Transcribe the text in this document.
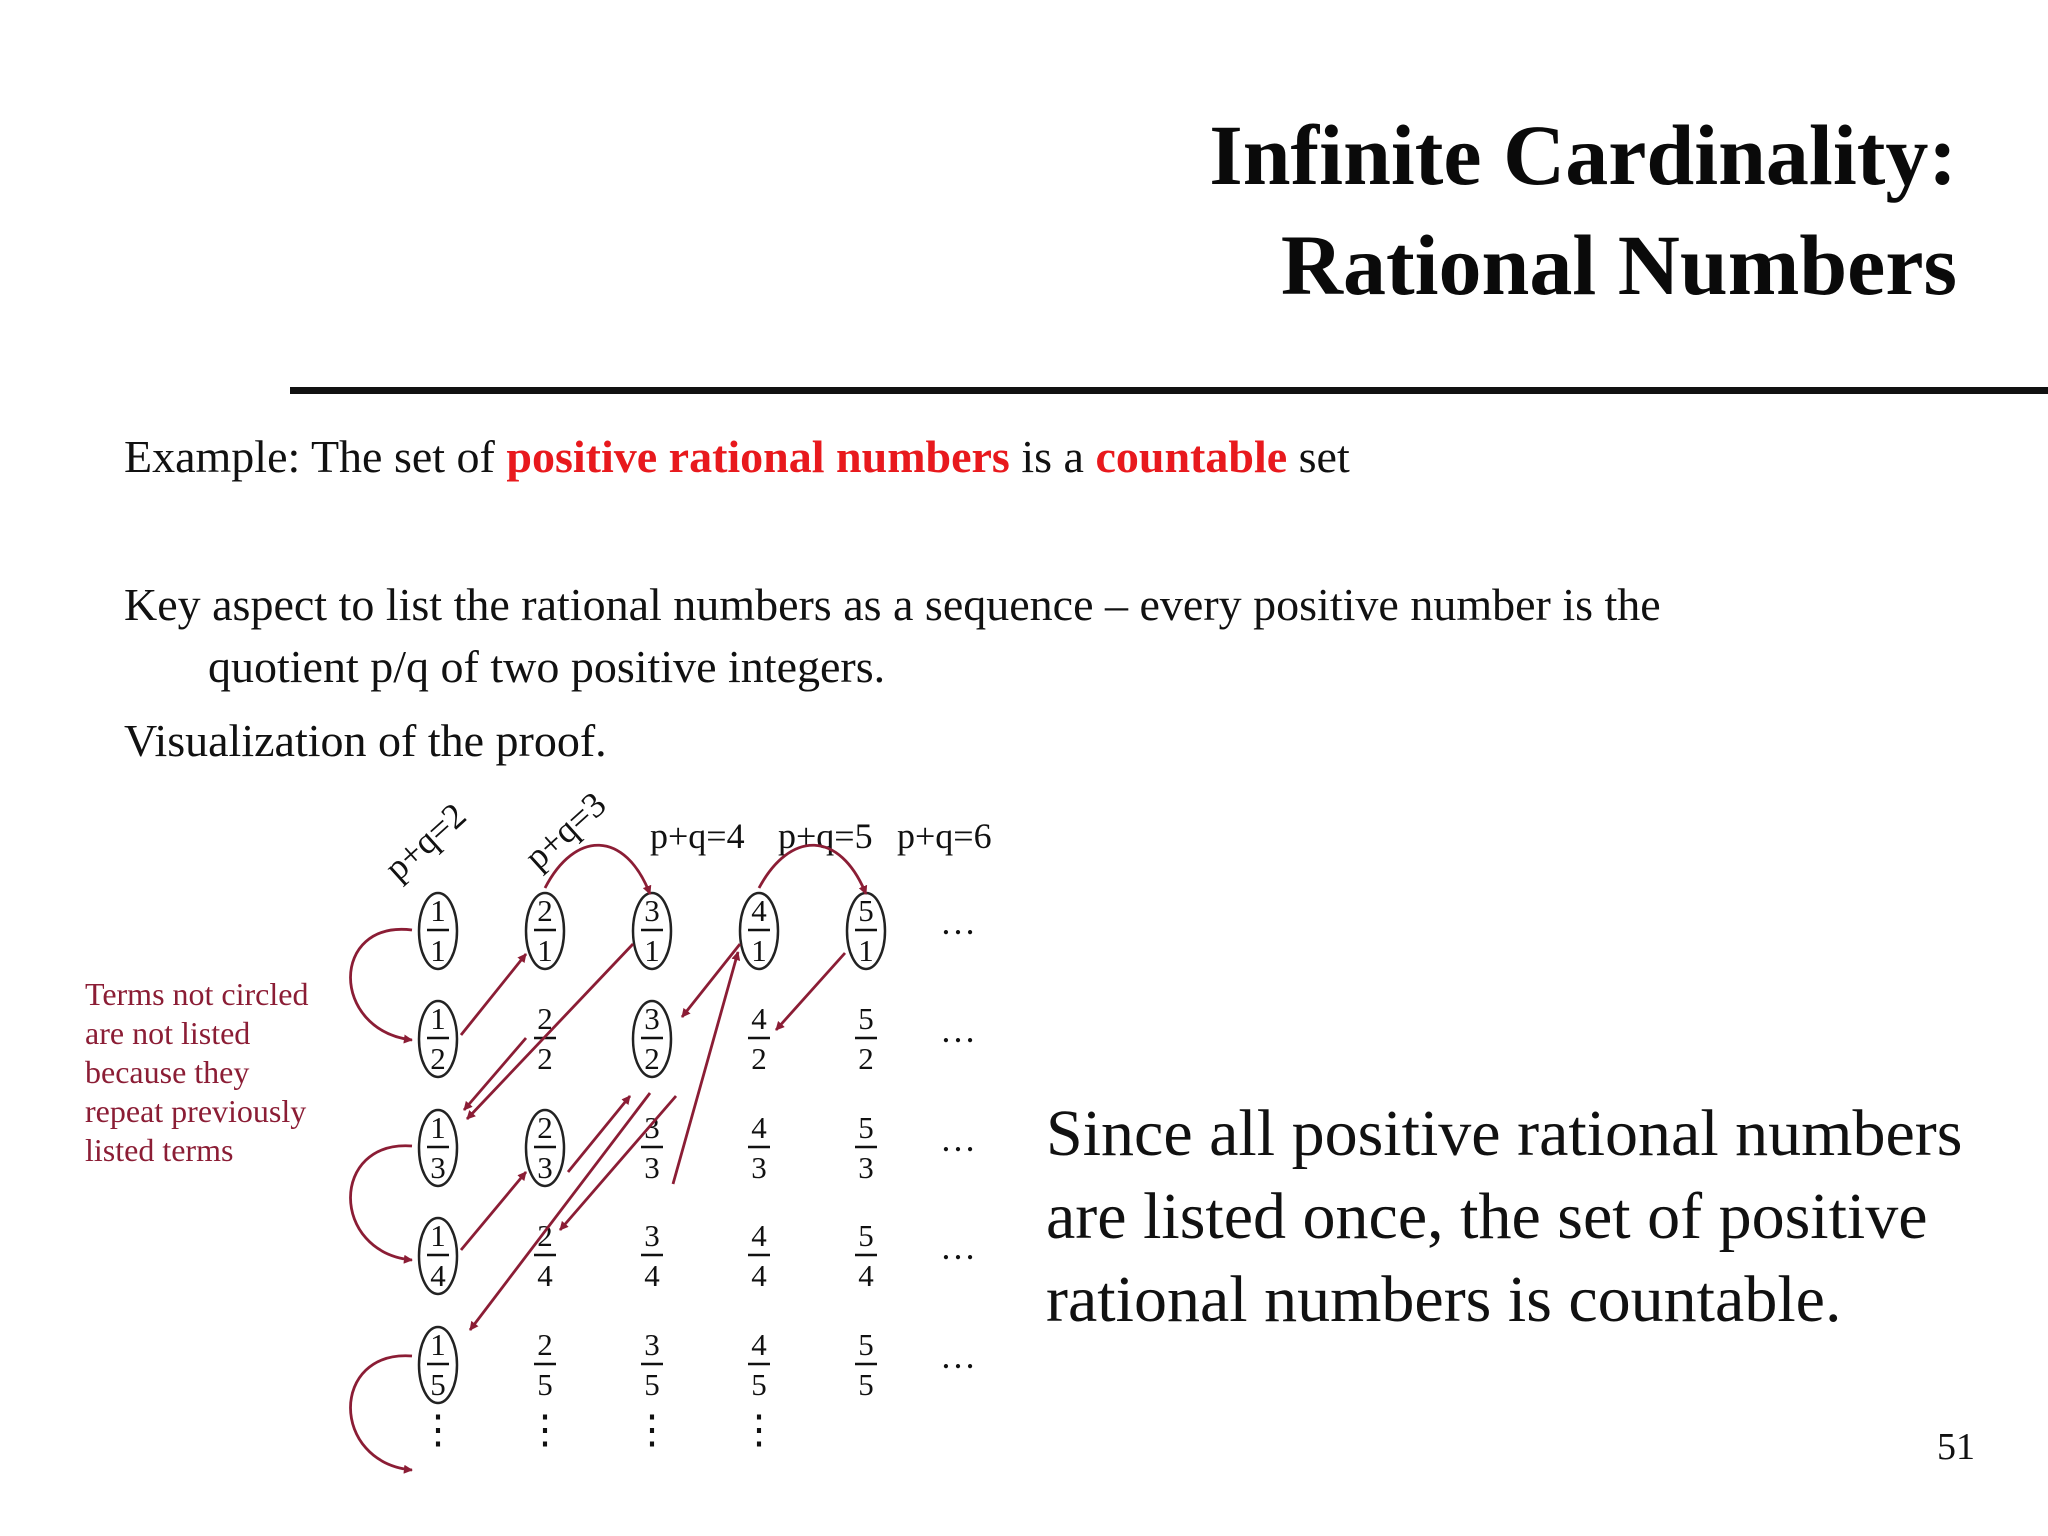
Infinite Cardinality:
Rational Numbers
Example: The set of positive rational numbers is a countable set
Key aspect to list the rational numbers as a sequence – every positive number is the
quotient p/q of two positive integers.
Visualization of the proof.
p+q=2 p+q=3 p+q=4 p+q=5 p+q=6
1
1
2
1
3
1
4
1
5
1
…
1
2
2
2
3
2
4
2
5
2
…
1
3
2
3
3
3
4
3
5
3
…
1
4
2
4
3
4
4
4
5
4
…
1
5
2
5
3
5
4
5
5
5
…
⋮ ⋮ ⋮ ⋮
Terms not circled
are not listed
because they
repeat previously
listed terms	Since all positive rational numbers
are listed once, the set of positive
rational numbers is countable.
51
